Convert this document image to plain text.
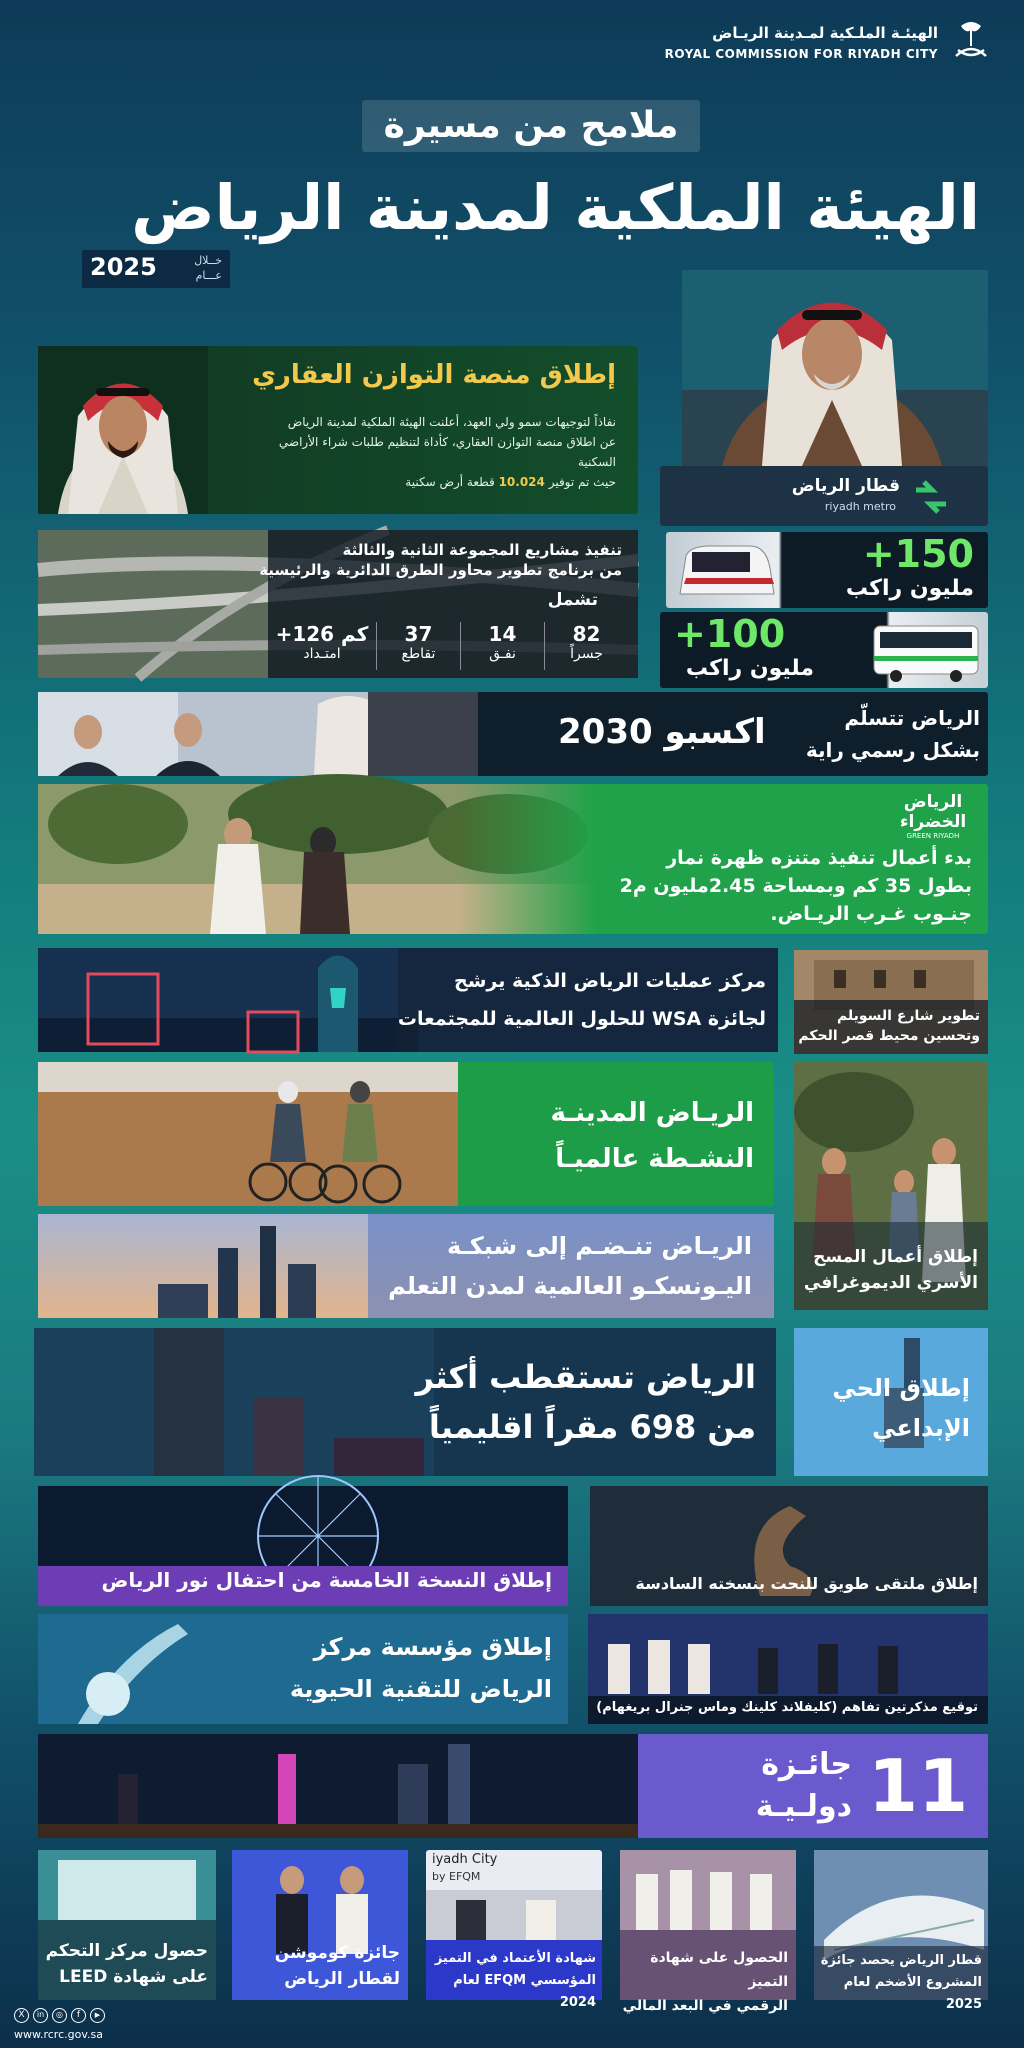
الهيئـة الملـكية لمـدينة الريـاض
ROYAL COMMISSION FOR RIYADH CITY
ملامح من مسيرة
الهيئة الملكية لمدينة الرياض
2025	خــلال عـــام
إطلاق منصة التوازن العقاري
نفاذاً لتوجيهات سمو ولي العهد، أعلنت الهيئة الملكية لمدينة الرياض
عن اطلاق منصة التوازن العقاري، كأداة لتنظيم طلبات شراء الأراضي
السكنية
حيث تم توفير 10.024 قطعة أرض سكنية	قطار الرياض
riyadh metro
+150
مليون راكب
+100
مليون راكب
تنفيذ مشاريع المجموعة الثانية والثالثة
من برنامج تطوير محاور الطرق الدائرية والرئيسية
تشمل
82
جسراً
14
نفـق
37
تقاطع
+126 كم
امتـداد
اكسبو 2030	الرياض تتسلّم
بشكل رسمي راية
الرياض الخضراء
GREEN RIYADH
بدء أعمال تنفيذ متنزه ظهرة نمار
بطول 35 كم وبمساحة 2.45مليون م2
جنـوب غـرب الريـاض.
تطوير شارع السويلم
وتحسين محيط قصر الحكم
مركز عمليات الرياض الذكية يرشح
لجائزة WSA للحلول العالمية للمجتمعات
الريـاض المدينـة
النشـطة عالميـاً
إطلاق أعمال المسح
الأسري الديموغرافي
الريـاض تنـضـم إلى شبكـة
اليـونسكـو العالمية لمدن التعلم
الرياض تستقطب أكثر
من 698 مقراً اقليمياً
إطلاق الحي
الإبداعي
إطلاق النسخة الخامسة من احتفال نور الرياض	إطلاق ملتقى طويق للنحت بنسخته السادسة
إطلاق مؤسسة مركز
الرياض للتقنية الحيوية
توقيع مذكرتين تفاهم (كليفلاند كلينك وماس جنرال بريغهام)
11
جائـزة
دولـيـة
حصول مركز التحكم
على شهادة LEED
جائزة كوموشن
لقطار الرياض
iyadh City
by EFQM
شهادة الأعتماد في التميز
المؤسسي EFQM لعام 2024
الحصول على شهادة التميز
الرقمي في البعد المالي
قطار الرياض يحصد جائزة
المشروع الأضخم لعام 2025
X	in	◎	f	▶
www.rcrc.gov.sa
